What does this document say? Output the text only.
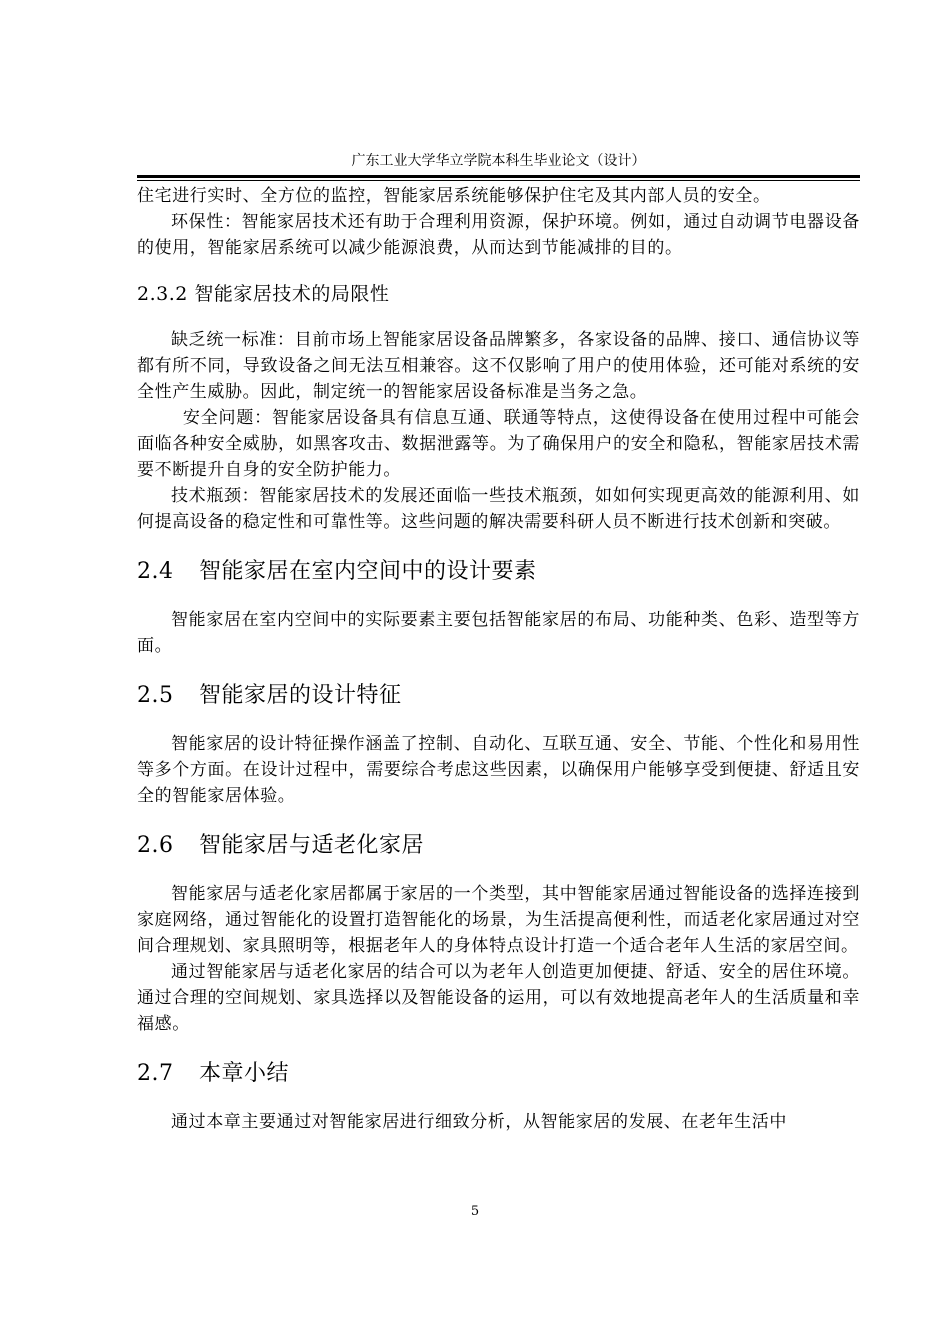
广东工业大学华立学院本科生毕业论文（设计）

住宅进行实时、全方位的监控，智能家居系统能够保护住宅及其内部人员的安全。

环保性：智能家居技术还有助于合理利用资源，保护环境。例如，通过自动调节电器设备的使用，智能家居系统可以减少能源浪费，从而达到节能减排的目的。

2.3.2 智能家居技术的局限性

缺乏统一标准：目前市场上智能家居设备品牌繁多，各家设备的品牌、接口、通信协议等都有所不同，导致设备之间无法互相兼容。这不仅影响了用户的使用体验，还可能对系统的安全性产生威胁。因此，制定统一的智能家居设备标准是当务之急。

安全问题：智能家居设备具有信息互通、联通等特点，这使得设备在使用过程中可能会面临各种安全威胁，如黑客攻击、数据泄露等。为了确保用户的安全和隐私，智能家居技术需要不断提升自身的安全防护能力。

技术瓶颈：智能家居技术的发展还面临一些技术瓶颈，如如何实现更高效的能源利用、如何提高设备的稳定性和可靠性等。这些问题的解决需要科研人员不断进行技术创新和突破。

2.4 智能家居在室内空间中的设计要素

智能家居在室内空间中的实际要素主要包括智能家居的布局、功能种类、色彩、造型等方面。

2.5 智能家居的设计特征

智能家居的设计特征操作涵盖了控制、自动化、互联互通、安全、节能、个性化和易用性等多个方面。在设计过程中，需要综合考虑这些因素，以确保用户能够享受到便捷、舒适且安全的智能家居体验。

2.6 智能家居与适老化家居

智能家居与适老化家居都属于家居的一个类型，其中智能家居通过智能设备的选择连接到家庭网络，通过智能化的设置打造智能化的场景，为生活提高便利性，而适老化家居通过对空间合理规划、家具照明等，根据老年人的身体特点设计打造一个适合老年人生活的家居空间。

通过智能家居与适老化家居的结合可以为老年人创造更加便捷、舒适、安全的居住环境。通过合理的空间规划、家具选择以及智能设备的运用，可以有效地提高老年人的生活质量和幸福感。

2.7 本章小结

通过本章主要通过对智能家居进行细致分析，从智能家居的发展、在老年生活中

5
